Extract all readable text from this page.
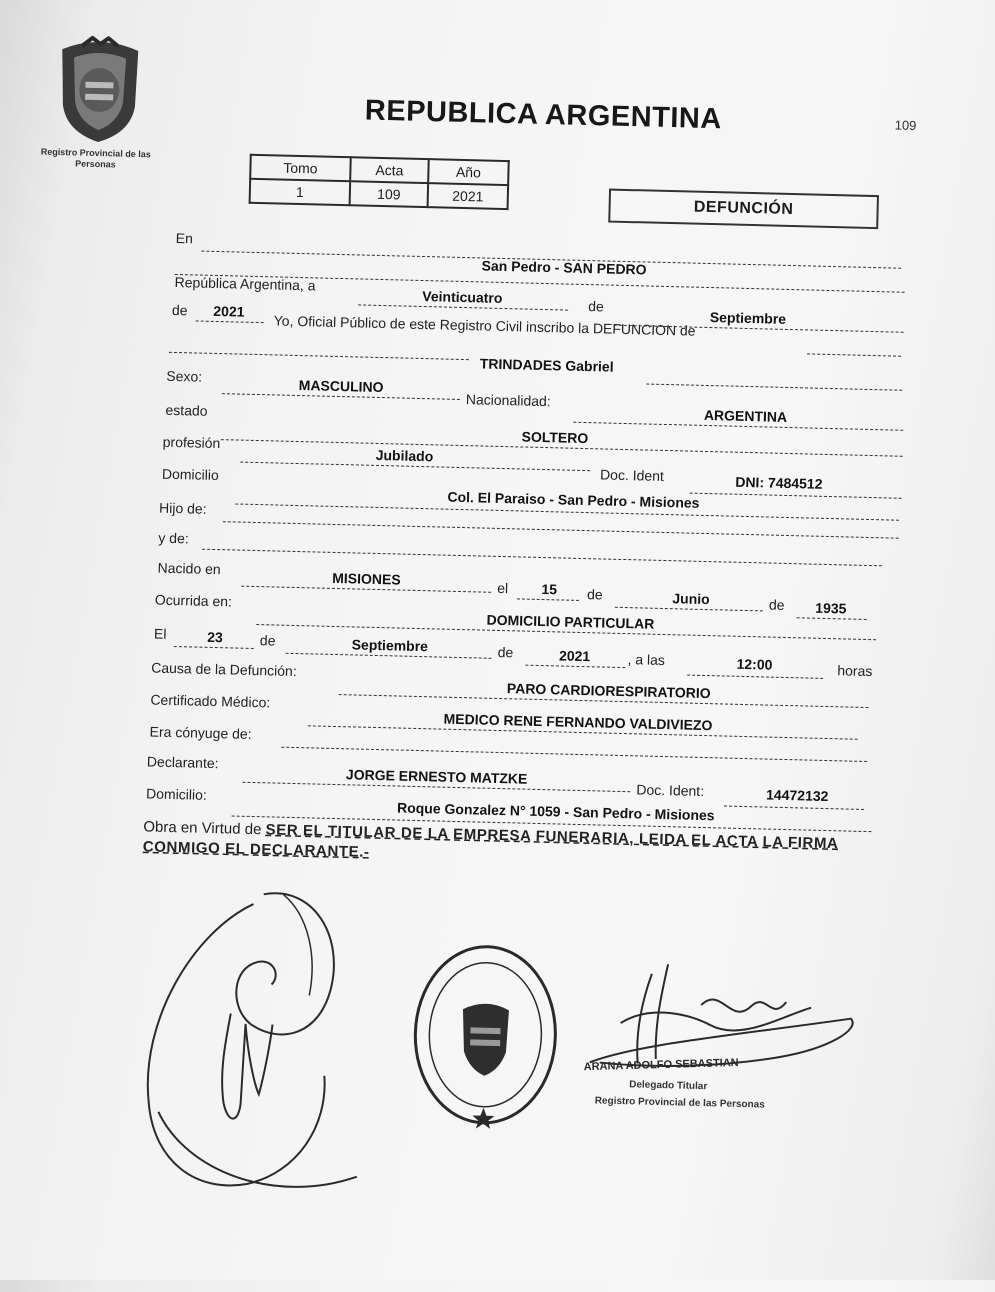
Registro Provincial de las Personas
REPUBLICA ARGENTINA	109
Tomo	Acta	Año
1	109	2021
DEFUNCIÓN
En
San Pedro - SAN PEDRO
República Argentina, a
Veinticuatro
de
Septiembre
de	2021
Yo, Oficial Público de este Registro Civil inscribo la DEFUNCION de
TRINDADES Gabriel
Sexo:
MASCULINO
Nacionalidad:
ARGENTINA
estado
SOLTERO
profesión
Jubilado
Doc. Ident	DNI: 7484512
Domicilio
Col. El Paraiso - San Pedro - Misiones
Hijo de:
y de:
Nacido en
MISIONES
el	15	de	Junio	de	1935
Ocurrida en:
DOMICILIO PARTICULAR
El	23	de	Septiembre	de	2021	, a las	12:00	horas
Causa de la Defunción:
PARO CARDIORESPIRATORIO
Certificado Médico:
MEDICO RENE FERNANDO VALDIVIEZO
Era cónyuge de:
Declarante:
JORGE ERNESTO MATZKE
Doc. Ident:	14472132
Domicilio:
Roque Gonzalez N° 1059 - San Pedro - Misiones
Obra en Virtud de SER EL TITULAR DE LA EMPRESA FUNERARIA, LEIDA EL ACTA LA FIRMA CONMIGO EL DECLARANTE.-
ARANA ADOLFO SEBASTIAN
Delegado Titular
Registro Provincial de las Personas
